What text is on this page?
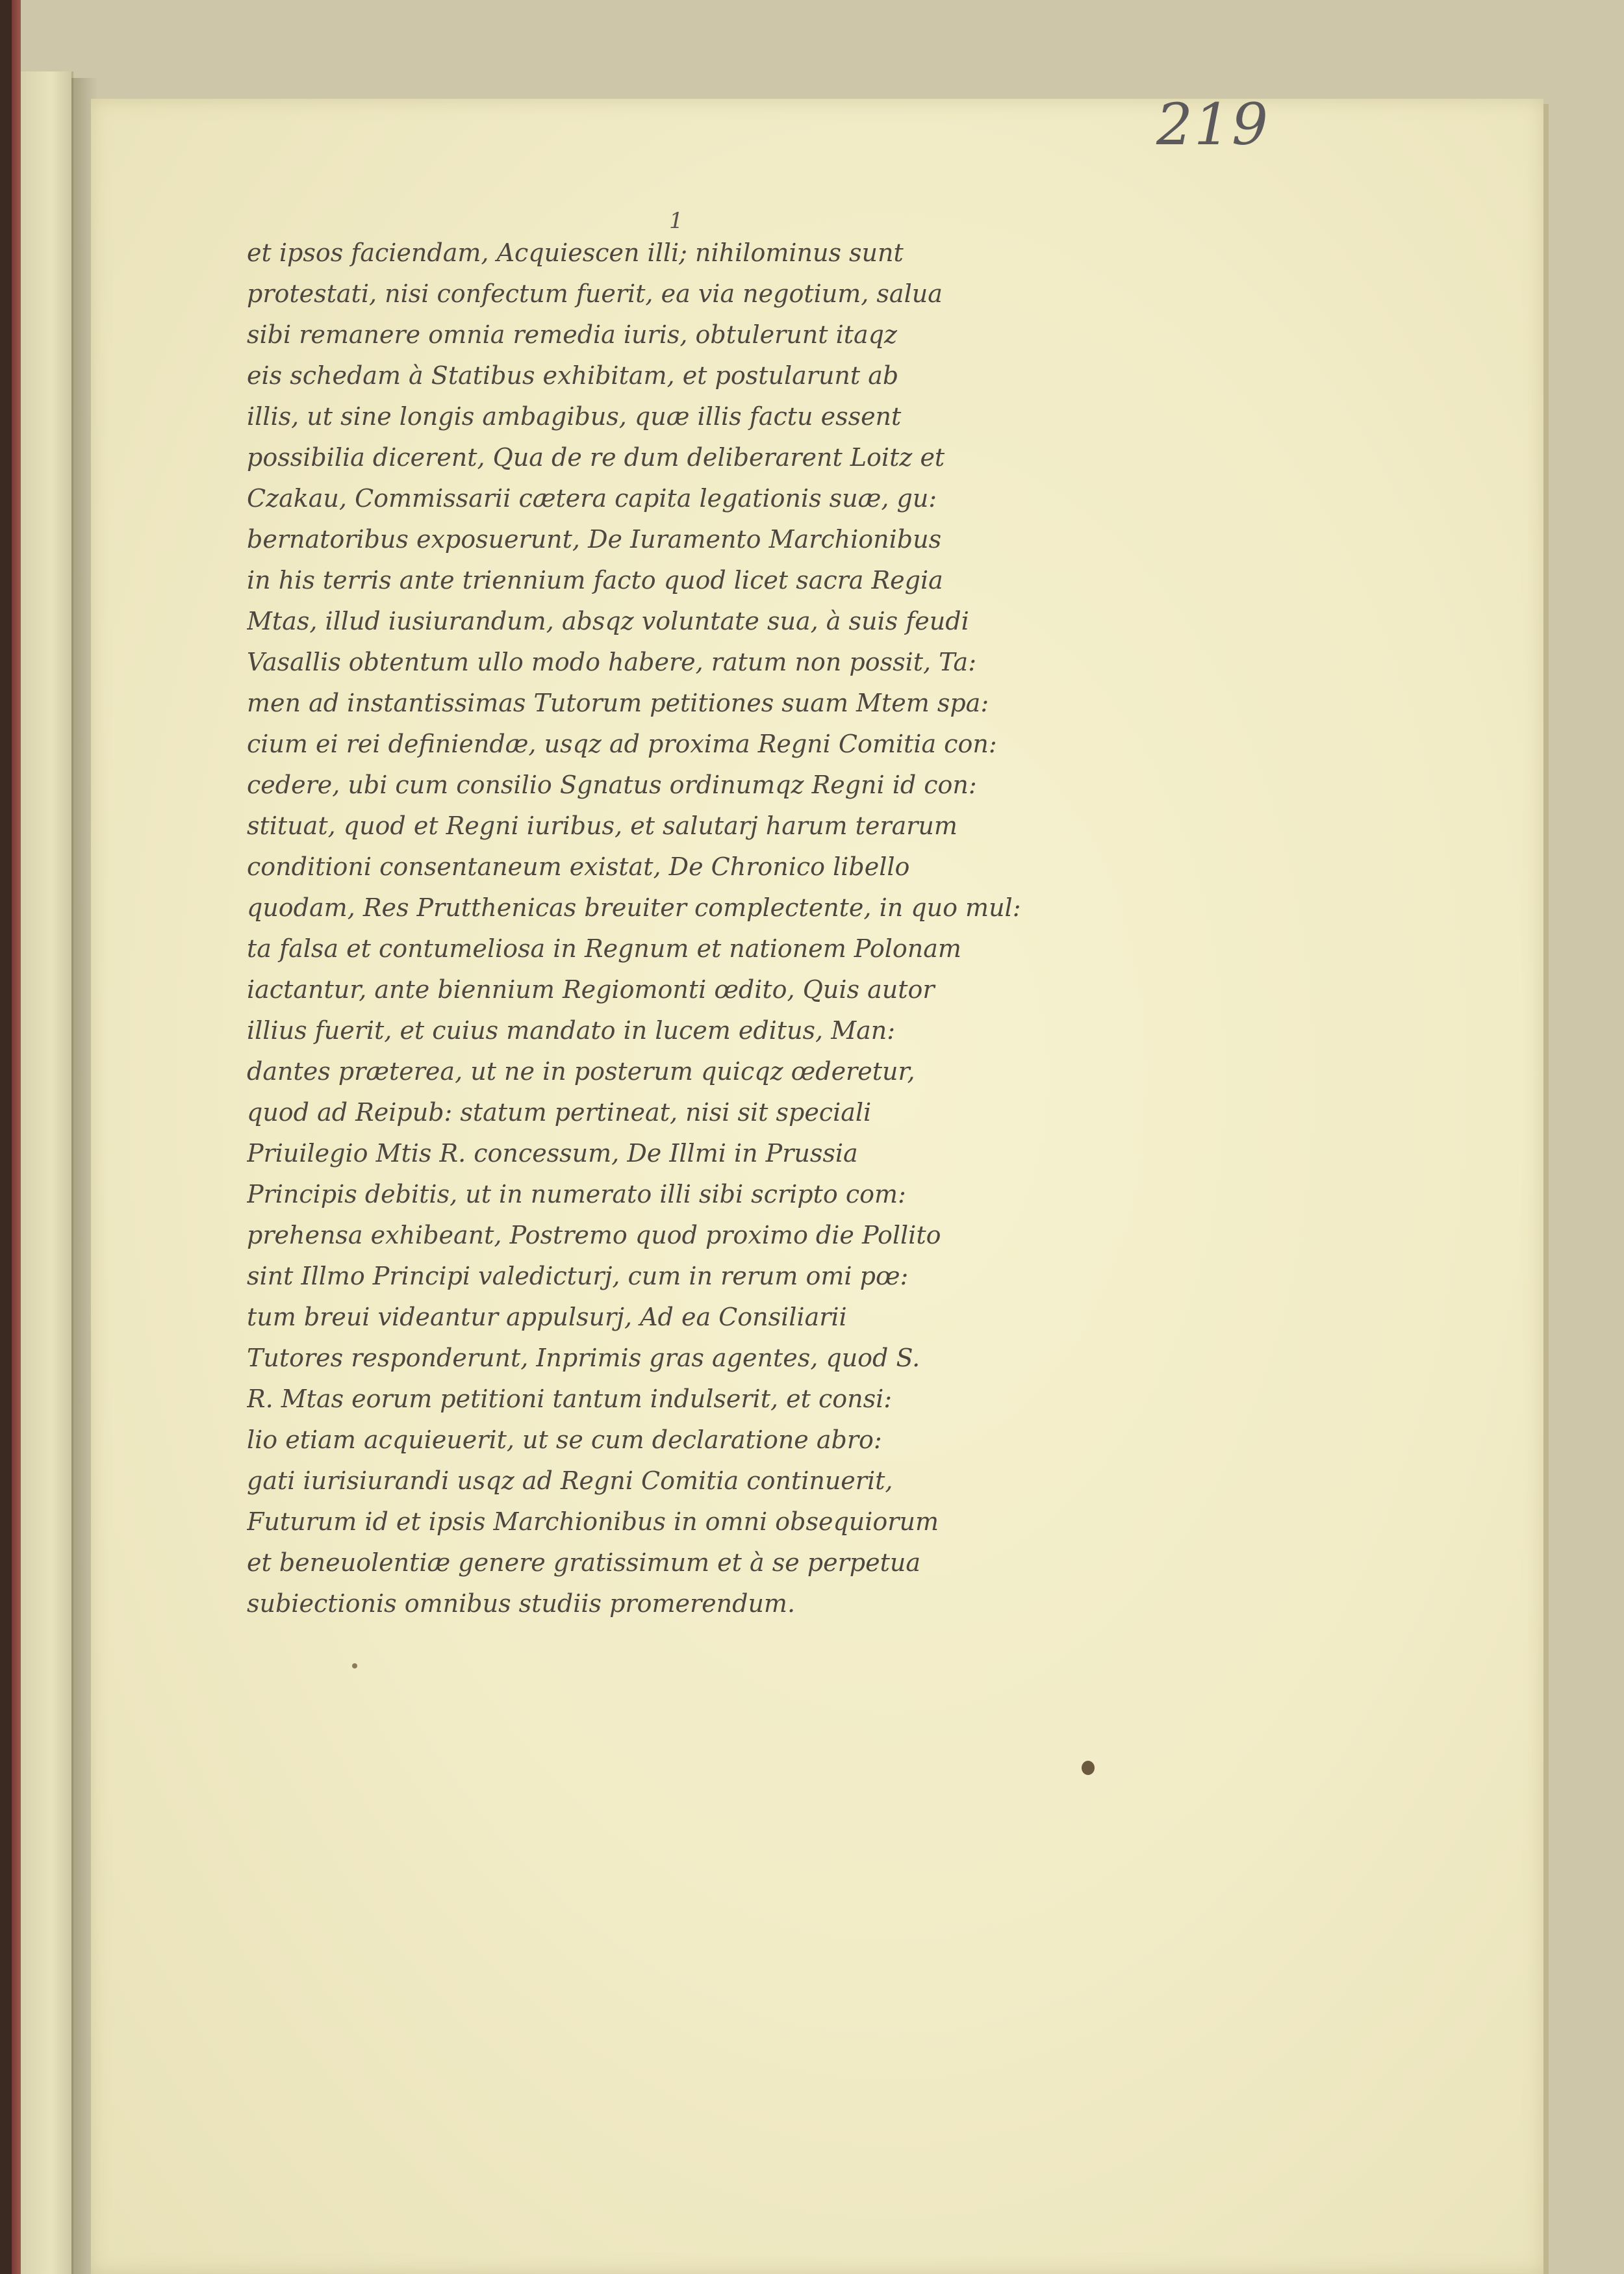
219
1
et ipsos faciendam, Acquiescen illi; nihilominus sunt
protestati, nisi confectum fuerit, ea via negotium, salua
sibi remanere omnia remedia iuris, obtulerunt itaqz
eis schedam à Statibus exhibitam, et postularunt ab
illis, ut sine longis ambagibus, quæ illis factu essent
possibilia dicerent, Qua de re dum deliberarent Loitz et
Czakau, Commissarii cætera capita legationis suæ, gu:
bernatoribus exposuerunt, De Iuramento Marchionibus
in his terris ante triennium facto quod licet sacra Regia
Mtas, illud iusiurandum, absqz voluntate sua, à suis feudi
Vasallis obtentum ullo modo habere, ratum non possit, Ta:
men ad instantissimas Tutorum petitiones suam Mtem spa:
cium ei rei definiendæ, usqz ad proxima Regni Comitia con:
cedere, ubi cum consilio Sgnatus ordinumqz Regni id con:
stituat, quod et Regni iuribus, et salutarj harum terarum
conditioni consentaneum existat, De Chronico libello
quodam, Res Prutthenicas breuiter complectente, in quo mul:
ta falsa et contumeliosa in Regnum et nationem Polonam
iactantur, ante biennium Regiomonti œdito, Quis autor
illius fuerit, et cuius mandato in lucem editus, Man:
dantes præterea, ut ne in posterum quicqz œderetur,
quod ad Reipub: statum pertineat, nisi sit speciali
Priuilegio Mtis R. concessum, De Illmi in Prussia
Principis debitis, ut in numerato illi sibi scripto com:
prehensa exhibeant, Postremo quod proximo die Pollito
sint Illmo Principi valedicturj, cum in rerum omi pœ:
tum breui videantur appulsurj, Ad ea Consiliarii
Tutores responderunt, Inprimis gras agentes, quod S.
R. Mtas eorum petitioni tantum indulserit, et consi:
lio etiam acquieuerit, ut se cum declaratione abro:
gati iurisiurandi usqz ad Regni Comitia continuerit,
Futurum id et ipsis Marchionibus in omni obsequiorum
et beneuolentiæ genere gratissimum et à se perpetua
subiectionis omnibus studiis promerendum.
